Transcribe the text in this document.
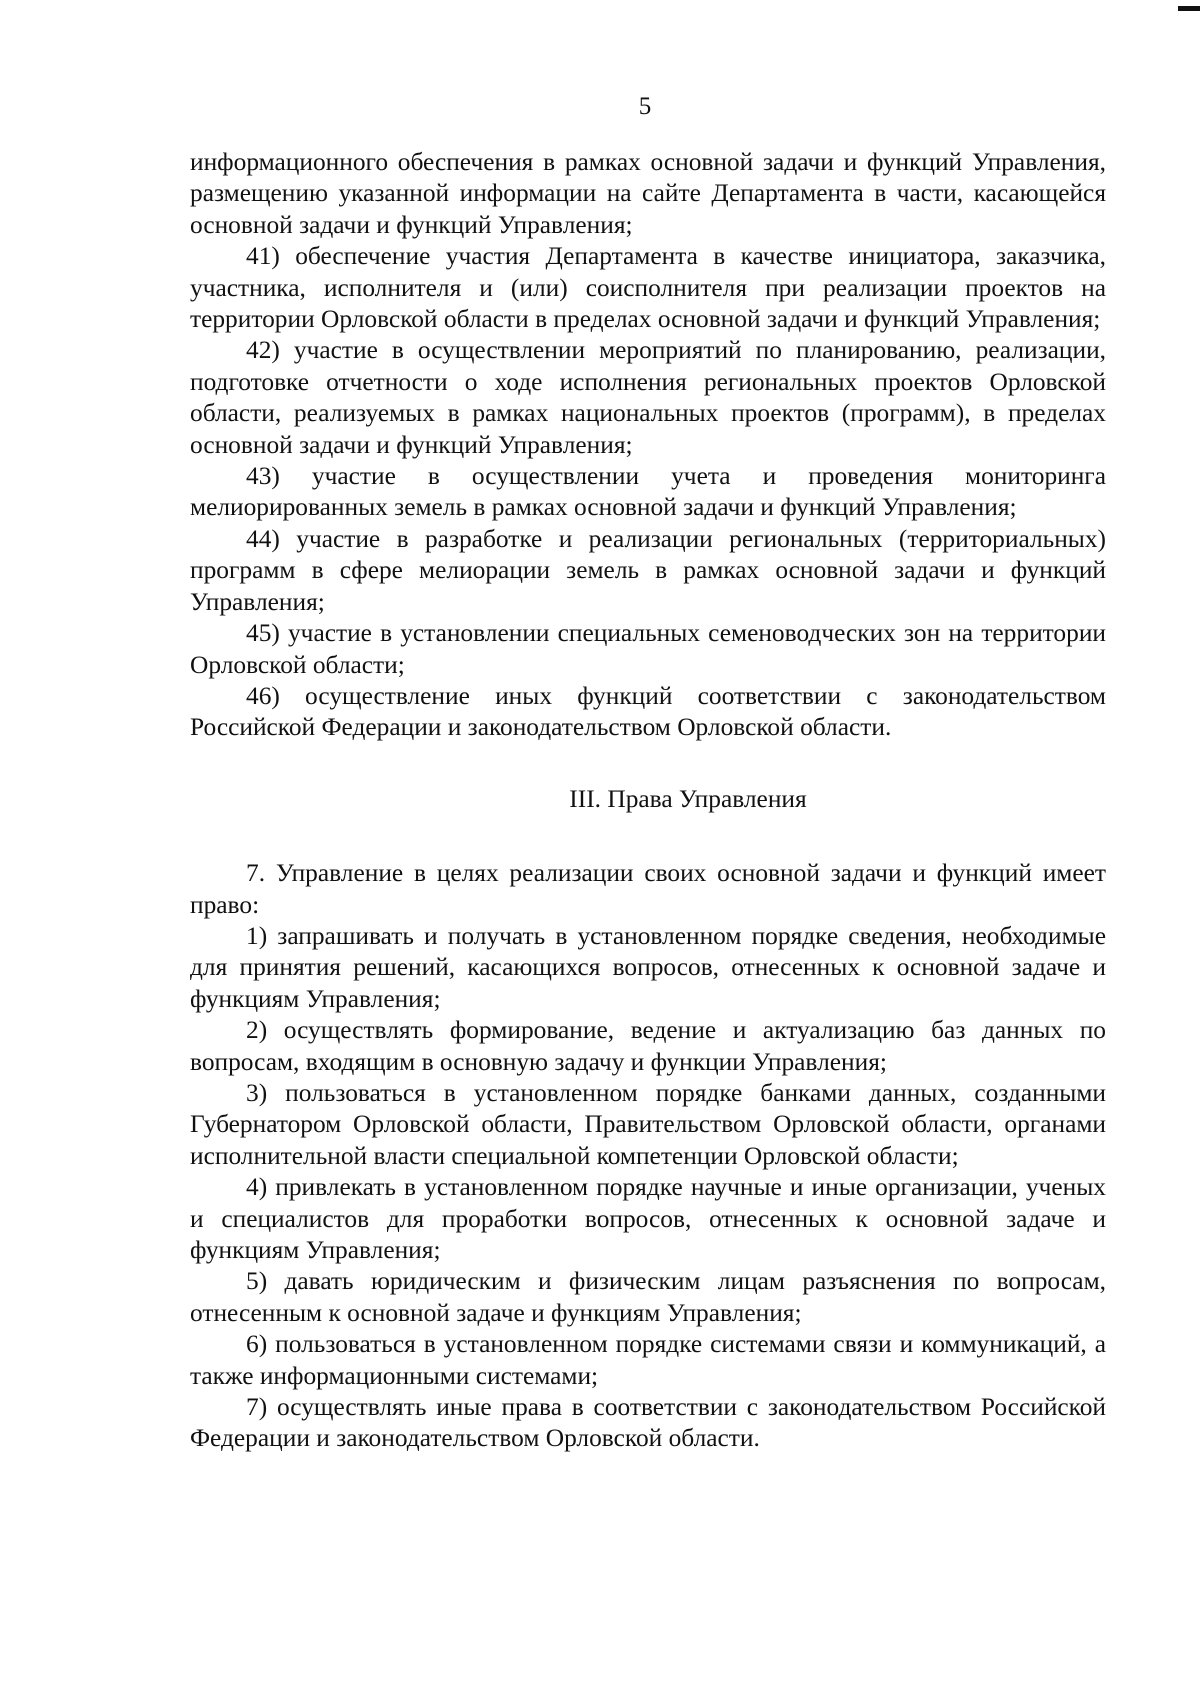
5

информационного обеспечения в рамках основной задачи и функций Управления, размещению указанной информации на сайте Департамента в части, касающейся основной задачи и функций Управления;

41) обеспечение участия Департамента в качестве инициатора, заказчика, участника, исполнителя и (или) соисполнителя при реализации проектов на территории Орловской области в пределах основной задачи и функций Управления;

42) участие в осуществлении мероприятий по планированию, реализации, подготовке отчетности о ходе исполнения региональных проектов Орловской области, реализуемых в рамках национальных проектов (программ), в пределах основной задачи и функций Управления;

43) участие в осуществлении учета и проведения мониторинга мелиорированных земель в рамках основной задачи и функций Управления;

44) участие в разработке и реализации региональных (территориальных) программ в сфере мелиорации земель в рамках основной задачи и функций Управления;

45) участие в установлении специальных семеноводческих зон на территории Орловской области;

46) осуществление иных функций соответствии с законодательством Российской Федерации и законодательством Орловской области.

III. Права Управления

7. Управление в целях реализации своих основной задачи и функций имеет право:

1) запрашивать и получать в установленном порядке сведения, необходимые для принятия решений, касающихся вопросов, отнесенных к основной задаче и функциям Управления;

2) осуществлять формирование, ведение и актуализацию баз данных по вопросам, входящим в основную задачу и функции Управления;

3) пользоваться в установленном порядке банками данных, созданными Губернатором Орловской области, Правительством Орловской области, органами исполнительной власти специальной компетенции Орловской области;

4) привлекать в установленном порядке научные и иные организации, ученых и специалистов для проработки вопросов, отнесенных к основной задаче и функциям Управления;

5) давать юридическим и физическим лицам разъяснения по вопросам, отнесенным к основной задаче и функциям Управления;

6) пользоваться в установленном порядке системами связи и коммуникаций, а также информационными системами;

7) осуществлять иные права в соответствии с законодательством Российской Федерации и законодательством Орловской области.
